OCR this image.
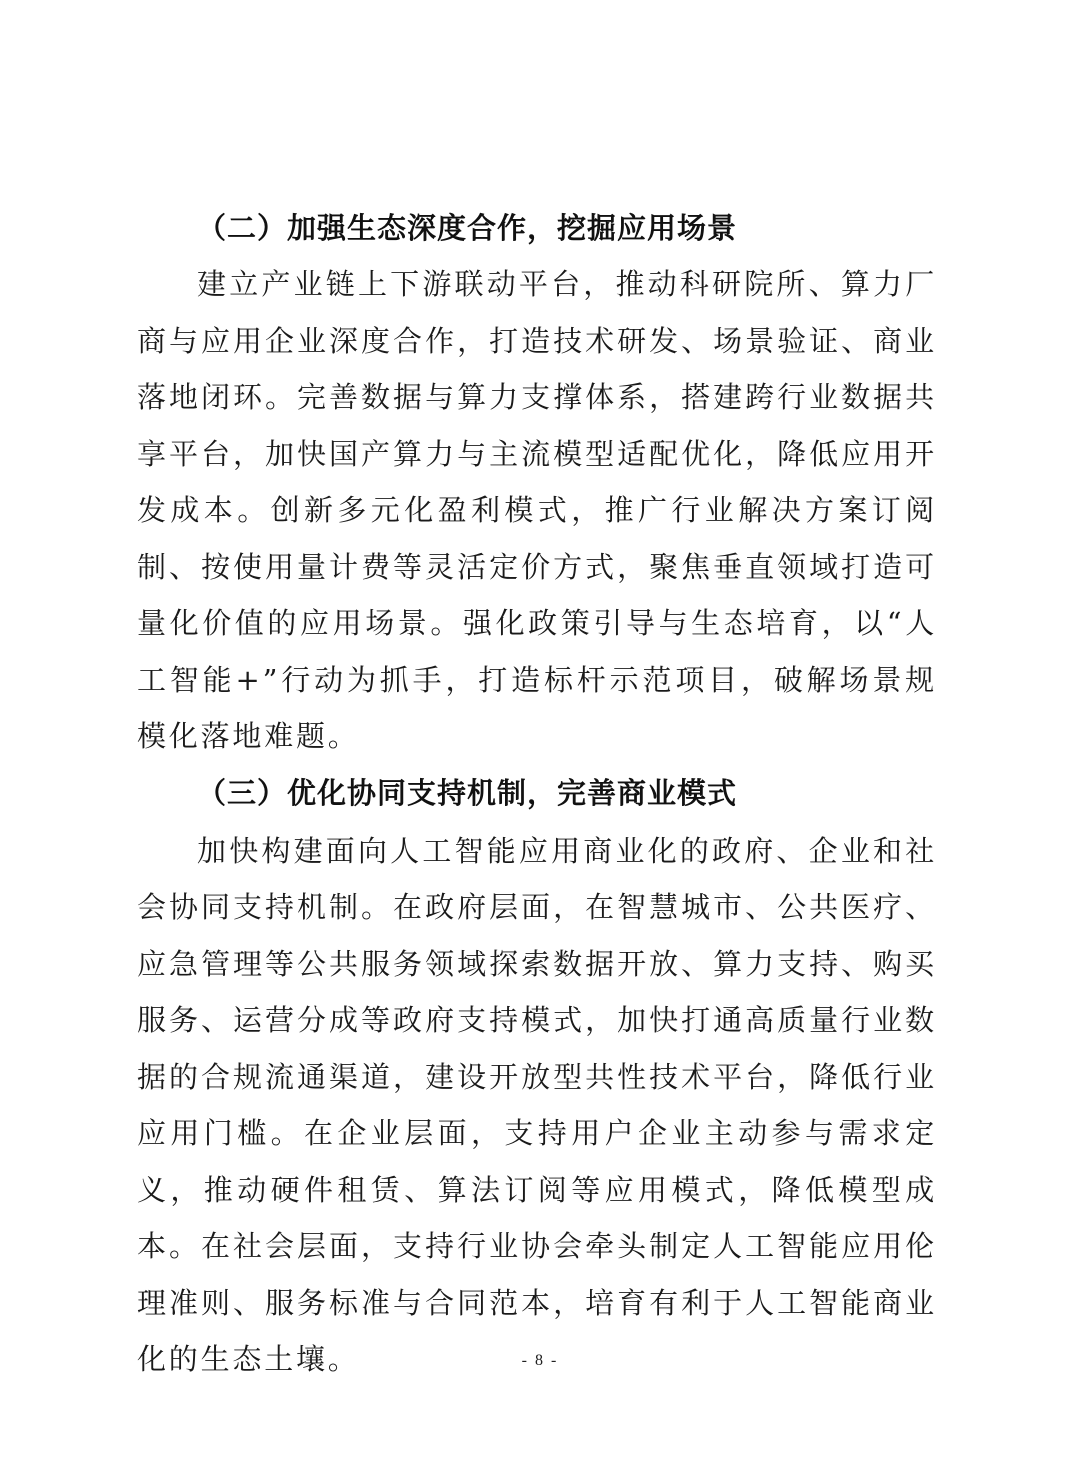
（二）加强生态深度合作，挖掘应用场景

建立产业链上下游联动平台，推动科研院所、算力厂商与应用企业深度合作，打造技术研发、场景验证、商业落地闭环。完善数据与算力支撑体系，搭建跨行业数据共享平台，加快国产算力与主流模型适配优化，降低应用开发成本。创新多元化盈利模式，推广行业解决方案订阅制、按使用量计费等灵活定价方式，聚焦垂直领域打造可量化价值的应用场景。强化政策引导与生态培育，以“人工智能+”行动为抓手，打造标杆示范项目，破解场景规模化落地难题。

（三）优化协同支持机制，完善商业模式

加快构建面向人工智能应用商业化的政府、企业和社会协同支持机制。在政府层面，在智慧城市、公共医疗、应急管理等公共服务领域探索数据开放、算力支持、购买服务、运营分成等政府支持模式，加快打通高质量行业数据的合规流通渠道，建设开放型共性技术平台，降低行业应用门槛。在企业层面，支持用户企业主动参与需求定义，推动硬件租赁、算法订阅等应用模式，降低模型成本。在社会层面，支持行业协会牵头制定人工智能应用伦理准则、服务标准与合同范本，培育有利于人工智能商业化的生态土壤。	- 8 -
